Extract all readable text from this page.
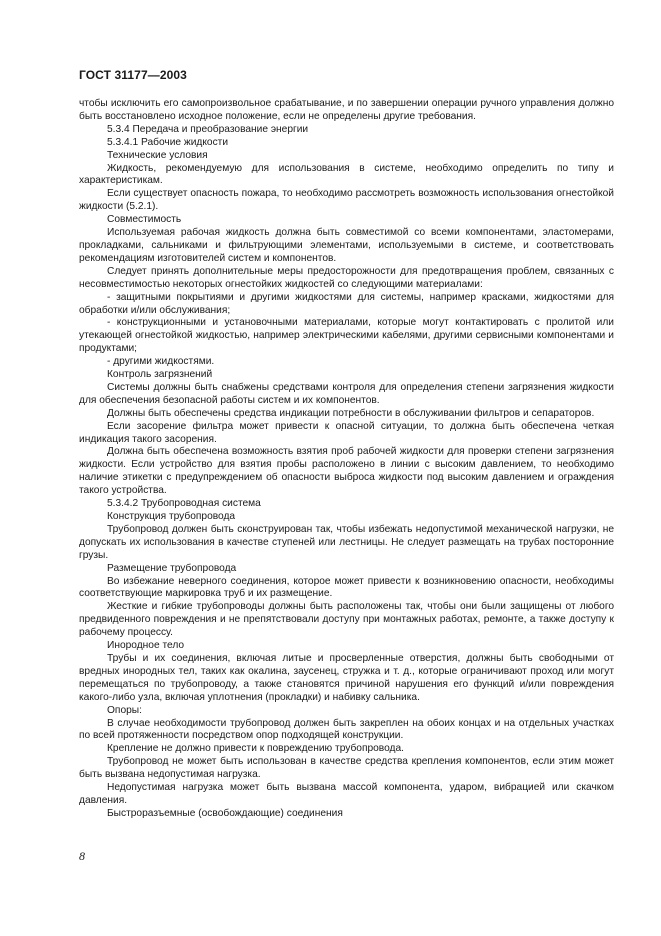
ГОСТ 31177—2003

чтобы исключить его самопроизвольное срабатывание, и по завершении операции ручного управления должно быть восстановлено исходное положение, если не определены другие требования.

5.3.4 Передача и преобразование энергии

5.3.4.1 Рабочие жидкости

Технические условия

Жидкость, рекомендуемую для использования в системе, необходимо определить по типу и характеристикам.

Если существует опасность пожара, то необходимо рассмотреть возможность использования огнестойкой жидкости (5.2.1).

Совместимость

Используемая рабочая жидкость должна быть совместимой со всеми компонентами, эластомерами, прокладками, сальниками и фильтрующими элементами, используемыми в системе, и соответствовать рекомендациям изготовителей систем и компонентов.

Следует принять дополнительные меры предосторожности для предотвращения проблем, связанных с несовместимостью некоторых огнестойких жидкостей со следующими материалами:

- защитными покрытиями и другими жидкостями для системы, например красками, жидкостями для обработки и/или обслуживания;

- конструкционными и установочными материалами, которые могут контактировать с пролитой или утекающей огнестойкой жидкостью, например электрическими кабелями, другими сервисными компонентами и продуктами;

- другими жидкостями.

Контроль загрязнений

Системы должны быть снабжены средствами контроля для определения степени загрязнения жидкости для обеспечения безопасной работы систем и их компонентов.

Должны быть обеспечены средства индикации потребности в обслуживании фильтров и сепараторов.

Если засорение фильтра может привести к опасной ситуации, то должна быть обеспечена четкая индикация такого засорения.

Должна быть обеспечена возможность взятия проб рабочей жидкости для проверки степени загрязнения жидкости. Если устройство для взятия пробы расположено в линии с высоким давлением, то необходимо наличие этикетки с предупреждением об опасности выброса жидкости под высоким давлением и ограждения такого устройства.

5.3.4.2 Трубопроводная система

Конструкция трубопровода

Трубопровод должен быть сконструирован так, чтобы избежать недопустимой механической нагрузки, не допускать их использования в качестве ступеней или лестницы. Не следует размещать на трубах посторонние грузы.

Размещение трубопровода

Во избежание неверного соединения, которое может привести к возникновению опасности, необходимы соответствующие маркировка труб и их размещение.

Жесткие и гибкие трубопроводы должны быть расположены так, чтобы они были защищены от любого предвиденного повреждения и не препятствовали доступу при монтажных работах, ремонте, а также доступу к рабочему процессу.

Инородное тело

Трубы и их соединения, включая литые и просверленные отверстия, должны быть свободными от вредных инородных тел, таких как окалина, заусенец, стружка и т. д., которые ограничивают проход или могут перемещаться по трубопроводу, а также становятся причиной нарушения его функций и/или повреждения какого-либо узла, включая уплотнения (прокладки) и набивку сальника.

Опоры:

В случае необходимости трубопровод должен быть закреплен на обоих концах и на отдельных участках по всей протяженности посредством опор подходящей конструкции.

Крепление не должно привести к повреждению трубопровода.

Трубопровод не может быть использован в качестве средства крепления компонентов, если этим может быть вызвана недопустимая нагрузка.

Недопустимая нагрузка может быть вызвана массой компонента, ударом, вибрацией или скачком давления.

Быстроразъемные (освобождающие) соединения

8
